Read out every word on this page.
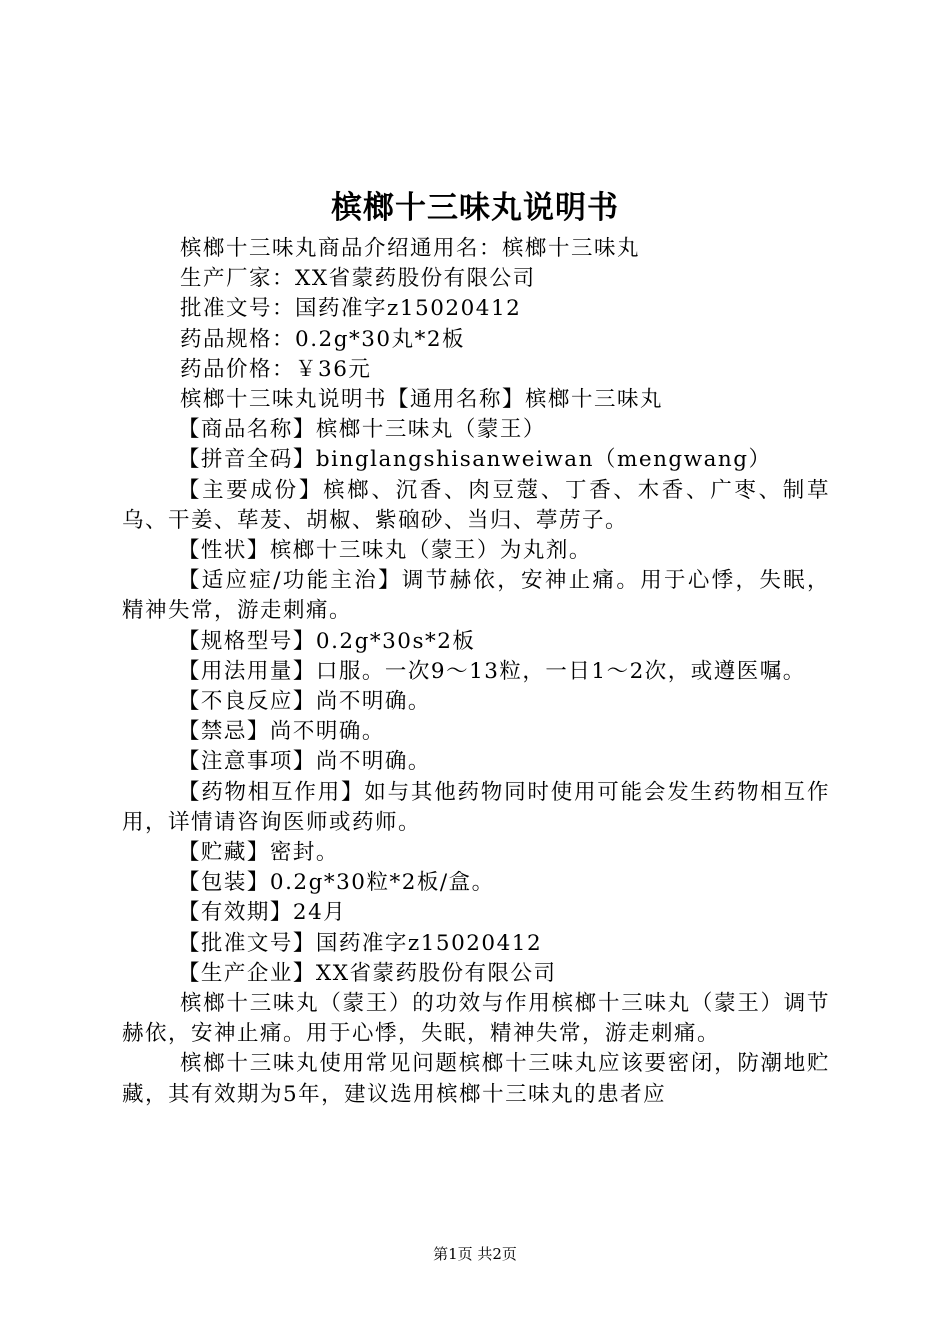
槟榔十三味丸说明书

槟榔十三味丸商品介绍通用名：槟榔十三味丸

生产厂家：XX省蒙药股份有限公司

批准文号：国药准字z15020412

药品规格：0.2g*30丸*2板

药品价格：￥36元

槟榔十三味丸说明书【通用名称】槟榔十三味丸

【商品名称】槟榔十三味丸（蒙王）

【拼音全码】binglangshisanweiwan（mengwang）

【主要成份】槟榔、沉香、肉豆蔻、丁香、木香、广枣、制草乌、干姜、荜茇、胡椒、紫硇砂、当归、葶苈子。

【性状】槟榔十三味丸（蒙王）为丸剂。

【适应症/功能主治】调节赫依，安神止痛。用于心悸，失眠，精神失常，游走刺痛。

【规格型号】0.2g*30s*2板

【用法用量】口服。一次9～13粒，一日1～2次，或遵医嘱。

【不良反应】尚不明确。

【禁忌】尚不明确。

【注意事项】尚不明确。

【药物相互作用】如与其他药物同时使用可能会发生药物相互作用，详情请咨询医师或药师。

【贮藏】密封。

【包装】0.2g*30粒*2板/盒。

【有效期】24月

【批准文号】国药准字z15020412

【生产企业】XX省蒙药股份有限公司

槟榔十三味丸（蒙王）的功效与作用槟榔十三味丸（蒙王）调节赫依，安神止痛。用于心悸，失眠，精神失常，游走刺痛。

槟榔十三味丸使用常见问题槟榔十三味丸应该要密闭，防潮地贮藏，其有效期为5年，建议选用槟榔十三味丸的患者应

第1页 共2页
